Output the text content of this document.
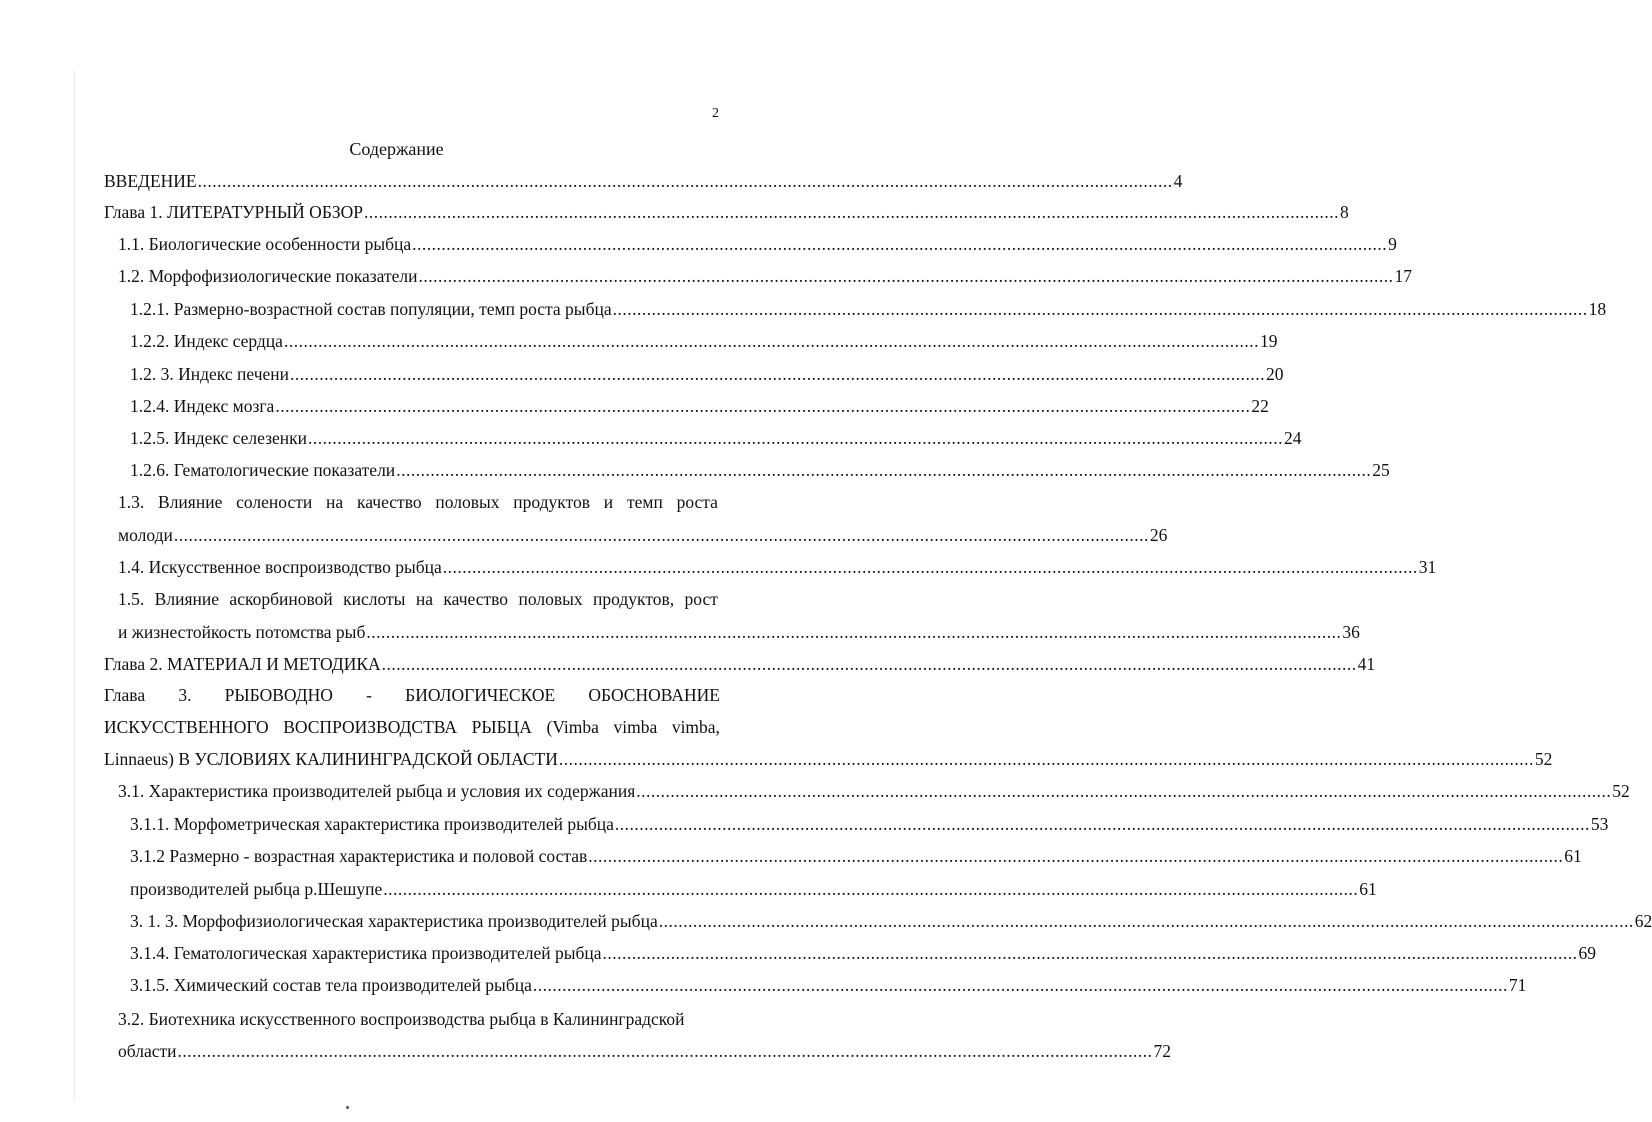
2
Содержание
ВВЕДЕНИЕ ........................................................................................................................................................................................................ 4
Глава 1. ЛИТЕРАТУРНЫЙ ОБЗОР ........................................................................................................................................................................................................ 8
1.1. Биологические особенности рыбца ........................................................................................................................................................................................................ 9
1.2. Морфофизиологические показатели ........................................................................................................................................................................................................ 17
1.2.1. Размерно-возрастной состав популяции, темп роста рыбца ........................................................................................................................................................................................................ 18
1.2.2. Индекс сердца ........................................................................................................................................................................................................ 19
1.2. 3. Индекс печени ........................................................................................................................................................................................................ 20
1.2.4. Индекс мозга ........................................................................................................................................................................................................ 22
1.2.5. Индекс селезенки ........................................................................................................................................................................................................ 24
1.2.6. Гематологические показатели ........................................................................................................................................................................................................ 25
1.3. Влияние солености на качество половых продуктов и темп роста
молоди ........................................................................................................................................................................................................ 26
1.4. Искусственное воспроизводство рыбца ........................................................................................................................................................................................................ 31
1.5. Влияние аскорбиновой кислоты на качество половых продуктов, рост
и жизнестойкость потомства рыб ........................................................................................................................................................................................................ 36
Глава 2. МАТЕРИАЛ И МЕТОДИКА ........................................................................................................................................................................................................ 41
Глава 3. РЫБОВОДНО - БИОЛОГИЧЕСКОЕ ОБОСНОВАНИЕ
ИСКУССТВЕННОГО ВОСПРОИЗВОДСТВА РЫБЦА (Vimba vimba vimba,
Linnaeus) В УСЛОВИЯХ КАЛИНИНГРАДСКОЙ ОБЛАСТИ ........................................................................................................................................................................................................ 52
3.1. Характеристика производителей рыбца и условия их содержания ........................................................................................................................................................................................................ 52
3.1.1. Морфометрическая характеристика производителей рыбца ........................................................................................................................................................................................................ 53
3.1.2 Размерно - возрастная характеристика и половой состав ........................................................................................................................................................................................................ 61
производителей рыбца р.Шешупе ........................................................................................................................................................................................................ 61
3. 1. 3. Морфофизиологическая характеристика производителей рыбца ........................................................................................................................................................................................................ 62
3.1.4. Гематологическая характеристика производителей рыбца ........................................................................................................................................................................................................ 69
3.1.5. Химический состав тела производителей рыбца ........................................................................................................................................................................................................ 71
3.2. Биотехника искусственного воспроизводства рыбца в Калининградской
области ........................................................................................................................................................................................................ 72
